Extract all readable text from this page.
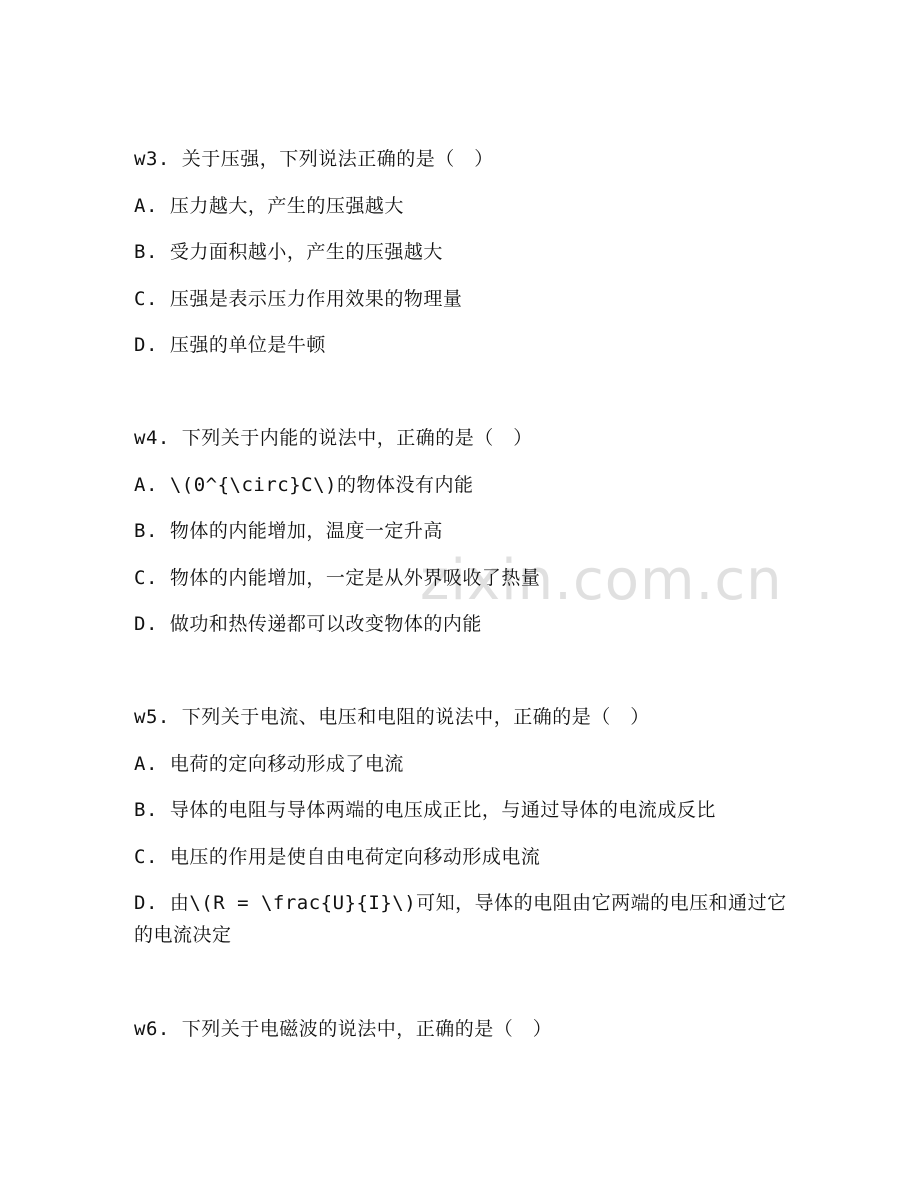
zixin.com.cn
w3. 关于压强，下列说法正确的是（　）
A. 压力越大，产生的压强越大
B. 受力面积越小，产生的压强越大
C. 压强是表示压力作用效果的物理量
D. 压强的单位是牛顿
w4. 下列关于内能的说法中，正确的是（　）
A. \(0^{\circ}C\)的物体没有内能
B. 物体的内能增加，温度一定升高
C. 物体的内能增加，一定是从外界吸收了热量
D. 做功和热传递都可以改变物体的内能
w5. 下列关于电流、电压和电阻的说法中，正确的是（　）
A. 电荷的定向移动形成了电流
B. 导体的电阻与导体两端的电压成正比，与通过导体的电流成反比
C. 电压的作用是使自由电荷定向移动形成电流
D. 由\(R = \frac{U}{I}\)可知，导体的电阻由它两端的电压和通过它的电流决定
w6. 下列关于电磁波的说法中，正确的是（　）
